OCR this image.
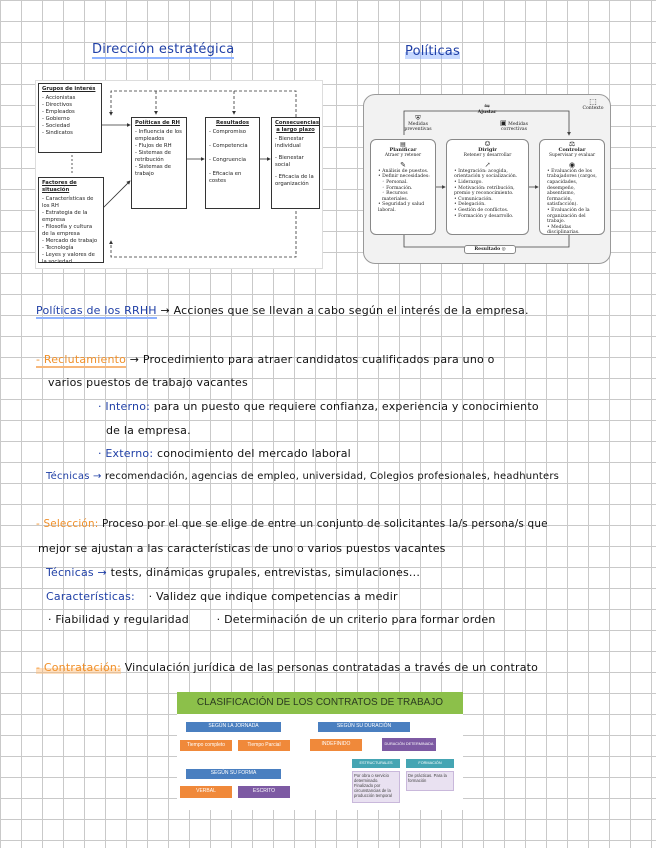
Dirección estratégica	Políticas
Grupos de interés
- Accionistas
- Directivos
- Empleados
- Gobierno
- Sociedad
- Sindicatos
Factores de situación
- Características de los RH
- Estrategia de la empresa
- Filosofía y cultura de la empresa
- Mercado de trabajo
- Tecnología
- Leyes y valores de la sociedad
Políticas de RH
- Influencia de los empleados
- Flujos de RH
- Sistemas de retribución
- Sistemas de trabajo
Resultados
- Compromiso
- Competencia
- Congruencia
- Eficacia en costes
Consecuencias a largo plazo
- Bienestar individual
- Bienestar social
- Eficacia de la organización
⇋
Ajustar
⬚
Contexto
⛨
Medidas preventivas
▣ Medidas correctivas
▤
Planificar
Atraer y retener
✎
• Análisis de puestos.
• Definir necesidades:
◦ Personal.
◦ Formación.
◦ Recursos materiales.
• Seguridad y salud laboral.
☺
Dirigir
Retener y desarrollar
↗
• Integración: acogida, orientación y socialización.
• Liderazgo.
• Motivación: retribución, premio y reconocimiento.
• Comunicación.
• Delegación.
• Gestión de conflictos.
• Formación y desarrollo.
⚖
Controlar
Supervisar y evaluar
◉
• Evaluación de los trabajadores (cargos, capacidades, desempeño, absentismo, formación, satisfacción).
• Evaluación de la organización del trabajo.
• Medidas disciplinarias.
Resultado ◎
Políticas de los RRHH → Acciones que se llevan a cabo según el interés de la empresa.
- Reclutamiento → Procedimiento para atraer candidatos cualificados para uno o
varios puestos de trabajo vacantes
· Interno: para un puesto que requiere confianza, experiencia y conocimiento
de la empresa.
· Externo: conocimiento del mercado laboral
Técnicas → recomendación, agencias de empleo, universidad, Colegios profesionales, headhunters
- Selección: Proceso por el que se elige de entre un conjunto de solicitantes la/s persona/s que
mejor se ajustan a las características de uno o varios puestos vacantes
Técnicas → tests, dinámicas grupales, entrevistas, simulaciones...
Características: · Validez que indique competencias a medir
· Fiabilidad y regularidad	· Determinación de un criterio para formar orden
- Contratación: Vinculación jurídica de las personas contratadas a través de un contrato
CLASIFICACIÓN DE LOS CONTRATOS DE TRABAJO
SEGÚN LA JORNADA
Tiempo completo	Tiempo Parcial
SEGÚN SU DURACIÓN
INDEFINIDO	DURACIÓN DETERMINADA
SEGÚN SU FORMA
VERBAL	ESCRITO
ESTRUCTURALES	FORMACIÓN
Por obra o servicio determinado. Finalizado por circunstancias de la producción temporal
De prácticas. Para la formación
